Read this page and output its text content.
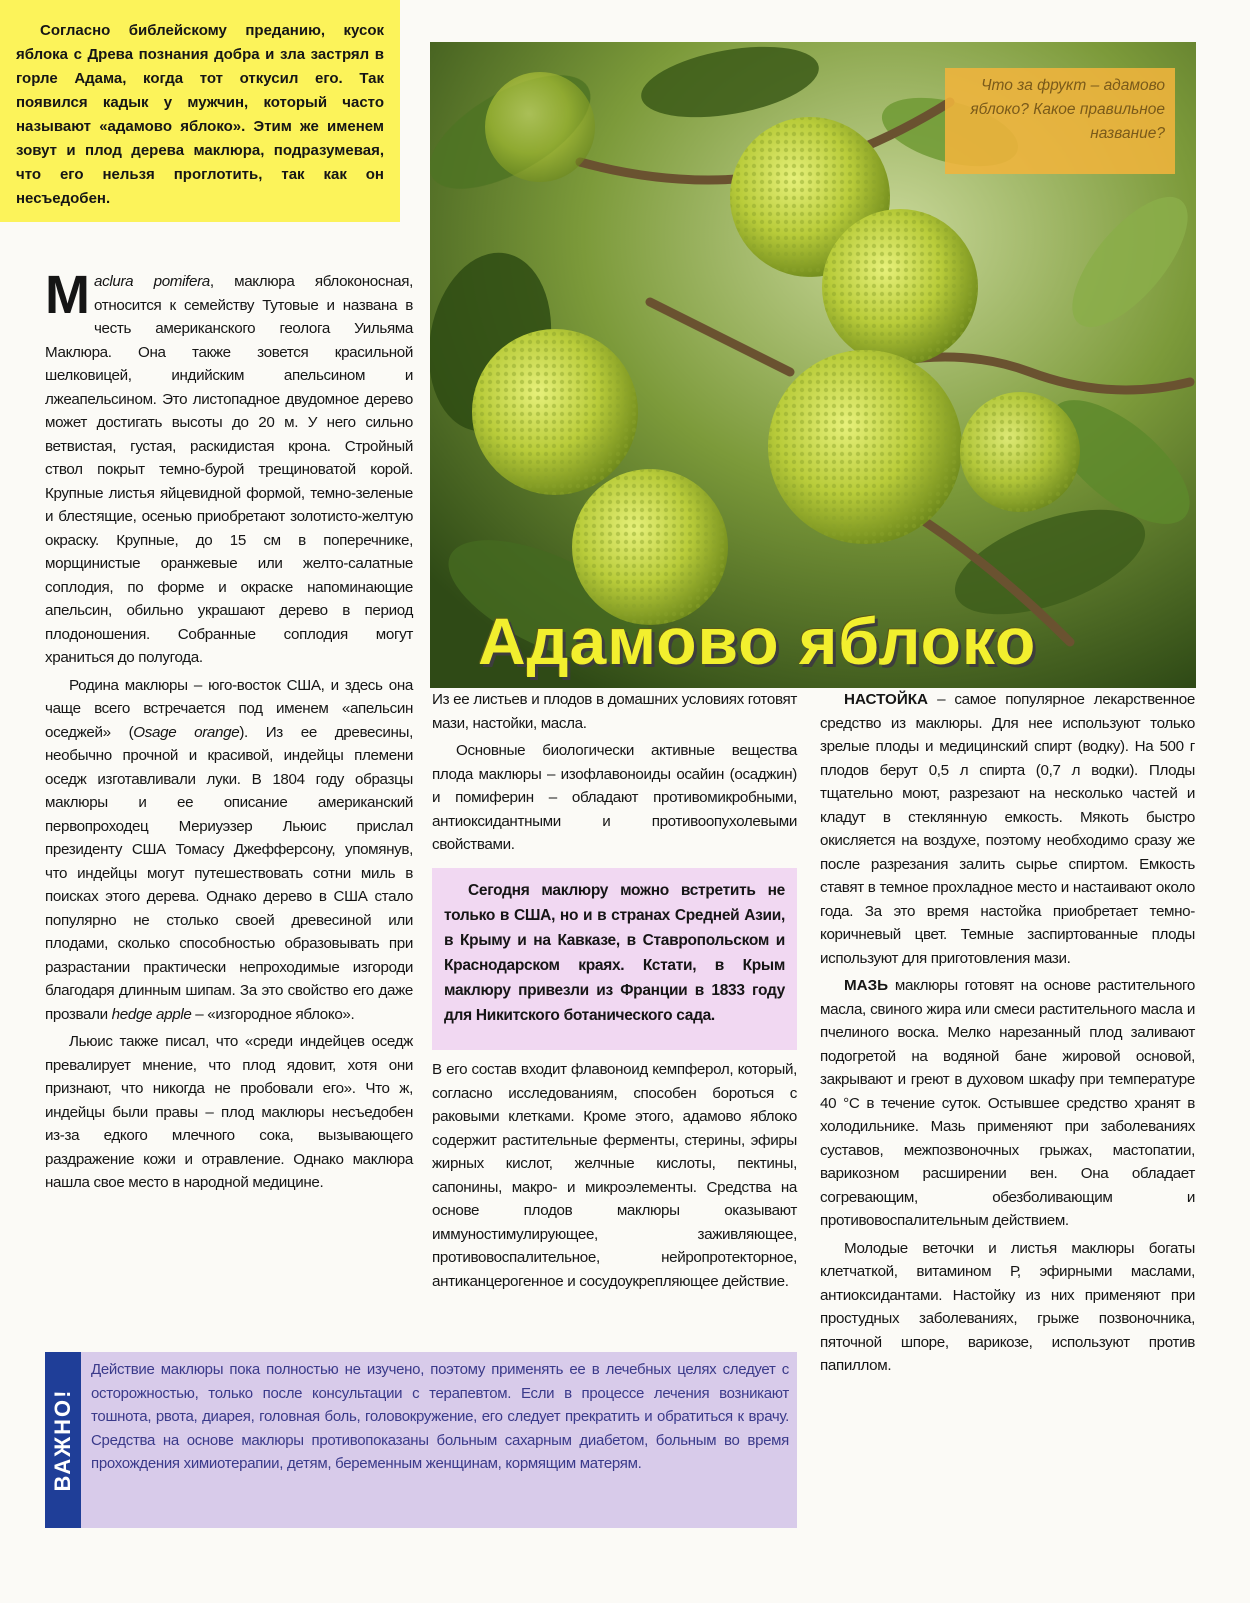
Согласно библейскому преданию, кусок яблока с Древа познания добра и зла застрял в горле Адама, когда тот откусил его. Так появился кадык у мужчин, который часто называют «адамово яблоко». Этим же именем зовут и плод дерева маклюра, подразумевая, что его нельзя проглотить, так как он несъедобен.

Что за фрукт – адамово яблоко? Какое правильное название?
Адамово яблоко

Maclura pomifera, маклюра яблоконосная, относится к семейству Тутовые и названа в честь американского геолога Уильяма Маклюра. Она также зовется красильной шелковицей, индийским апельсином и лжеапельсином. Это листопадное двудомное дерево может достигать высоты до 20 м. У него сильно ветвистая, густая, раскидистая крона. Стройный ствол покрыт темно-бурой трещиноватой корой. Крупные листья яйцевидной формой, темно-зеленые и блестящие, осенью приобретают золотисто-желтую окраску. Крупные, до 15 см в поперечнике, морщинистые оранжевые или желто-салатные соплодия, по форме и окраске напоминающие апельсин, обильно украшают дерево в период плодоношения. Собранные соплодия могут храниться до полугода.

Родина маклюры – юго-восток США, и здесь она чаще всего встречается под именем «апельсин оседжей» (Osage orange). Из ее древесины, необычно прочной и красивой, индейцы племени оседж изготавливали луки. В 1804 году образцы маклюры и ее описание американский первопроходец Мериуэзер Льюис прислал президенту США Томасу Джефферсону, упомянув, что индейцы могут путешествовать сотни миль в поисках этого дерева. Однако дерево в США стало популярно не столько своей древесиной или плодами, сколько способностью образовывать при разрастании практически непроходимые изгороди благодаря длинным шипам. За это свойство его даже прозвали hedge apple – «изгородное яблоко».

Льюис также писал, что «среди индейцев оседж превалирует мнение, что плод ядовит, хотя они признают, что никогда не пробовали его». Что ж, индейцы были правы – плод маклюры несъедобен из-за едкого млечного сока, вызывающего раздражение кожи и отравление. Однако маклюра нашла свое место в народной медицине.

Из ее листьев и плодов в домашних условиях готовят мази, настойки, масла.

Основные биологически активные вещества плода маклюры – изофлавоноиды осайин (осаджин) и помиферин – обладают противомикробными, антиоксидантными и противоопухолевыми свойствами.

Сегодня маклюру можно встретить не только в США, но и в странах Средней Азии, в Крыму и на Кавказе, в Ставропольском и Краснодарском краях. Кстати, в Крым маклюру привезли из Франции в 1833 году для Никитского ботанического сада.

В его состав входит флавоноид кемпферол, который, согласно исследованиям, способен бороться с раковыми клетками. Кроме этого, адамово яблоко содержит растительные ферменты, стерины, эфиры жирных кислот, желчные кислоты, пектины, сапонины, макро- и микроэлементы. Средства на основе плодов маклюры оказывают иммуностимулирующее, заживляющее, противовоспалительное, нейропротекторное, антиканцерогенное и сосудоукрепляющее действие.

НАСТОЙКА – самое популярное лекарственное средство из маклюры. Для нее используют только зрелые плоды и медицинский спирт (водку). На 500 г плодов берут 0,5 л спирта (0,7 л водки). Плоды тщательно моют, разрезают на несколько частей и кладут в стеклянную емкость. Мякоть быстро окисляется на воздухе, поэтому необходимо сразу же после разрезания залить сырье спиртом. Емкость ставят в темное прохладное место и настаивают около года. За это время настойка приобретает темно-коричневый цвет. Темные заспиртованные плоды используют для приготовления мази.

МАЗЬ маклюры готовят на основе растительного масла, свиного жира или смеси растительного масла и пчелиного воска. Мелко нарезанный плод заливают подогретой на водяной бане жировой основой, закрывают и греют в духовом шкафу при температуре 40 °С в течение суток. Остывшее средство хранят в холодильнике. Мазь применяют при заболеваниях суставов, межпозвоночных грыжах, мастопатии, варикозном расширении вен. Она обладает согревающим, обезболивающим и противовоспалительным действием.

Молодые веточки и листья маклюры богаты клетчаткой, витамином Р, эфирными маслами, антиоксидантами. Настойку из них применяют при простудных заболеваниях, грыже позвоночника, пяточной шпоре, варикозе, используют против папиллом.

ВАЖНО!
Действие маклюры пока полностью не изучено, поэтому применять ее в лечебных целях следует с осторожностью, только после консультации с терапевтом. Если в процессе лечения возникают тошнота, рвота, диарея, головная боль, головокружение, его следует прекратить и обратиться к врачу. Средства на основе маклюры противопоказаны больным сахарным диабетом, больным во время прохождения химиотерапии, детям, беременным женщинам, кормящим матерям.
